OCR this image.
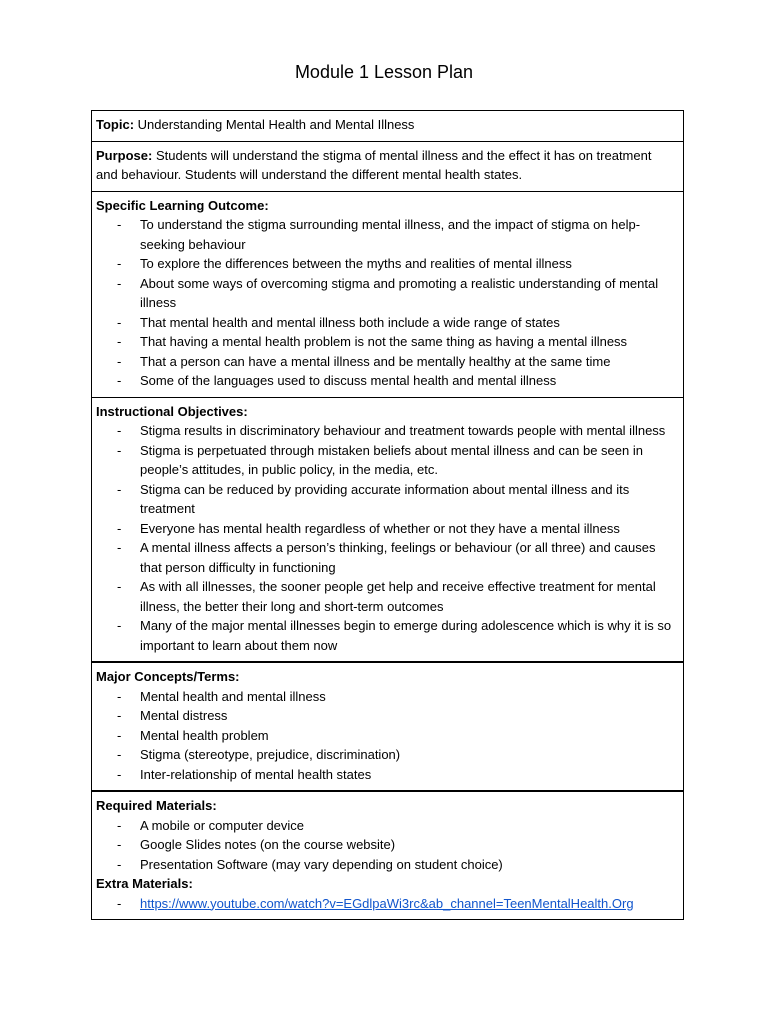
Module 1 Lesson Plan
Topic: Understanding Mental Health and Mental Illness
Purpose: Students will understand the stigma of mental illness and the effect it has on treatment and behaviour. Students will understand the different mental health states.
Specific Learning Outcome:
- To understand the stigma surrounding mental illness, and the impact of stigma on help-seeking behaviour
- To explore the differences between the myths and realities of mental illness
- About some ways of overcoming stigma and promoting a realistic understanding of mental illness
- That mental health and mental illness both include a wide range of states
- That having a mental health problem is not the same thing as having a mental illness
- That a person can have a mental illness and be mentally healthy at the same time
- Some of the languages used to discuss mental health and mental illness
Instructional Objectives:
- Stigma results in discriminatory behaviour and treatment towards people with mental illness
- Stigma is perpetuated through mistaken beliefs about mental illness and can be seen in people’s attitudes, in public policy, in the media, etc.
- Stigma can be reduced by providing accurate information about mental illness and its treatment
- Everyone has mental health regardless of whether or not they have a mental illness
- A mental illness affects a person’s thinking, feelings or behaviour (or all three) and causes that person difficulty in functioning
- As with all illnesses, the sooner people get help and receive effective treatment for mental illness, the better their long and short-term outcomes
- Many of the major mental illnesses begin to emerge during adolescence which is why it is so important to learn about them now
Major Concepts/Terms:
- Mental health and mental illness
- Mental distress
- Mental health problem
- Stigma (stereotype, prejudice, discrimination)
- Inter-relationship of mental health states
Required Materials:
- A mobile or computer device
- Google Slides notes (on the course website)
- Presentation Software (may vary depending on student choice)
Extra Materials:
- https://www.youtube.com/watch?v=EGdlpaWi3rc&ab_channel=TeenMentalHealth.Org
